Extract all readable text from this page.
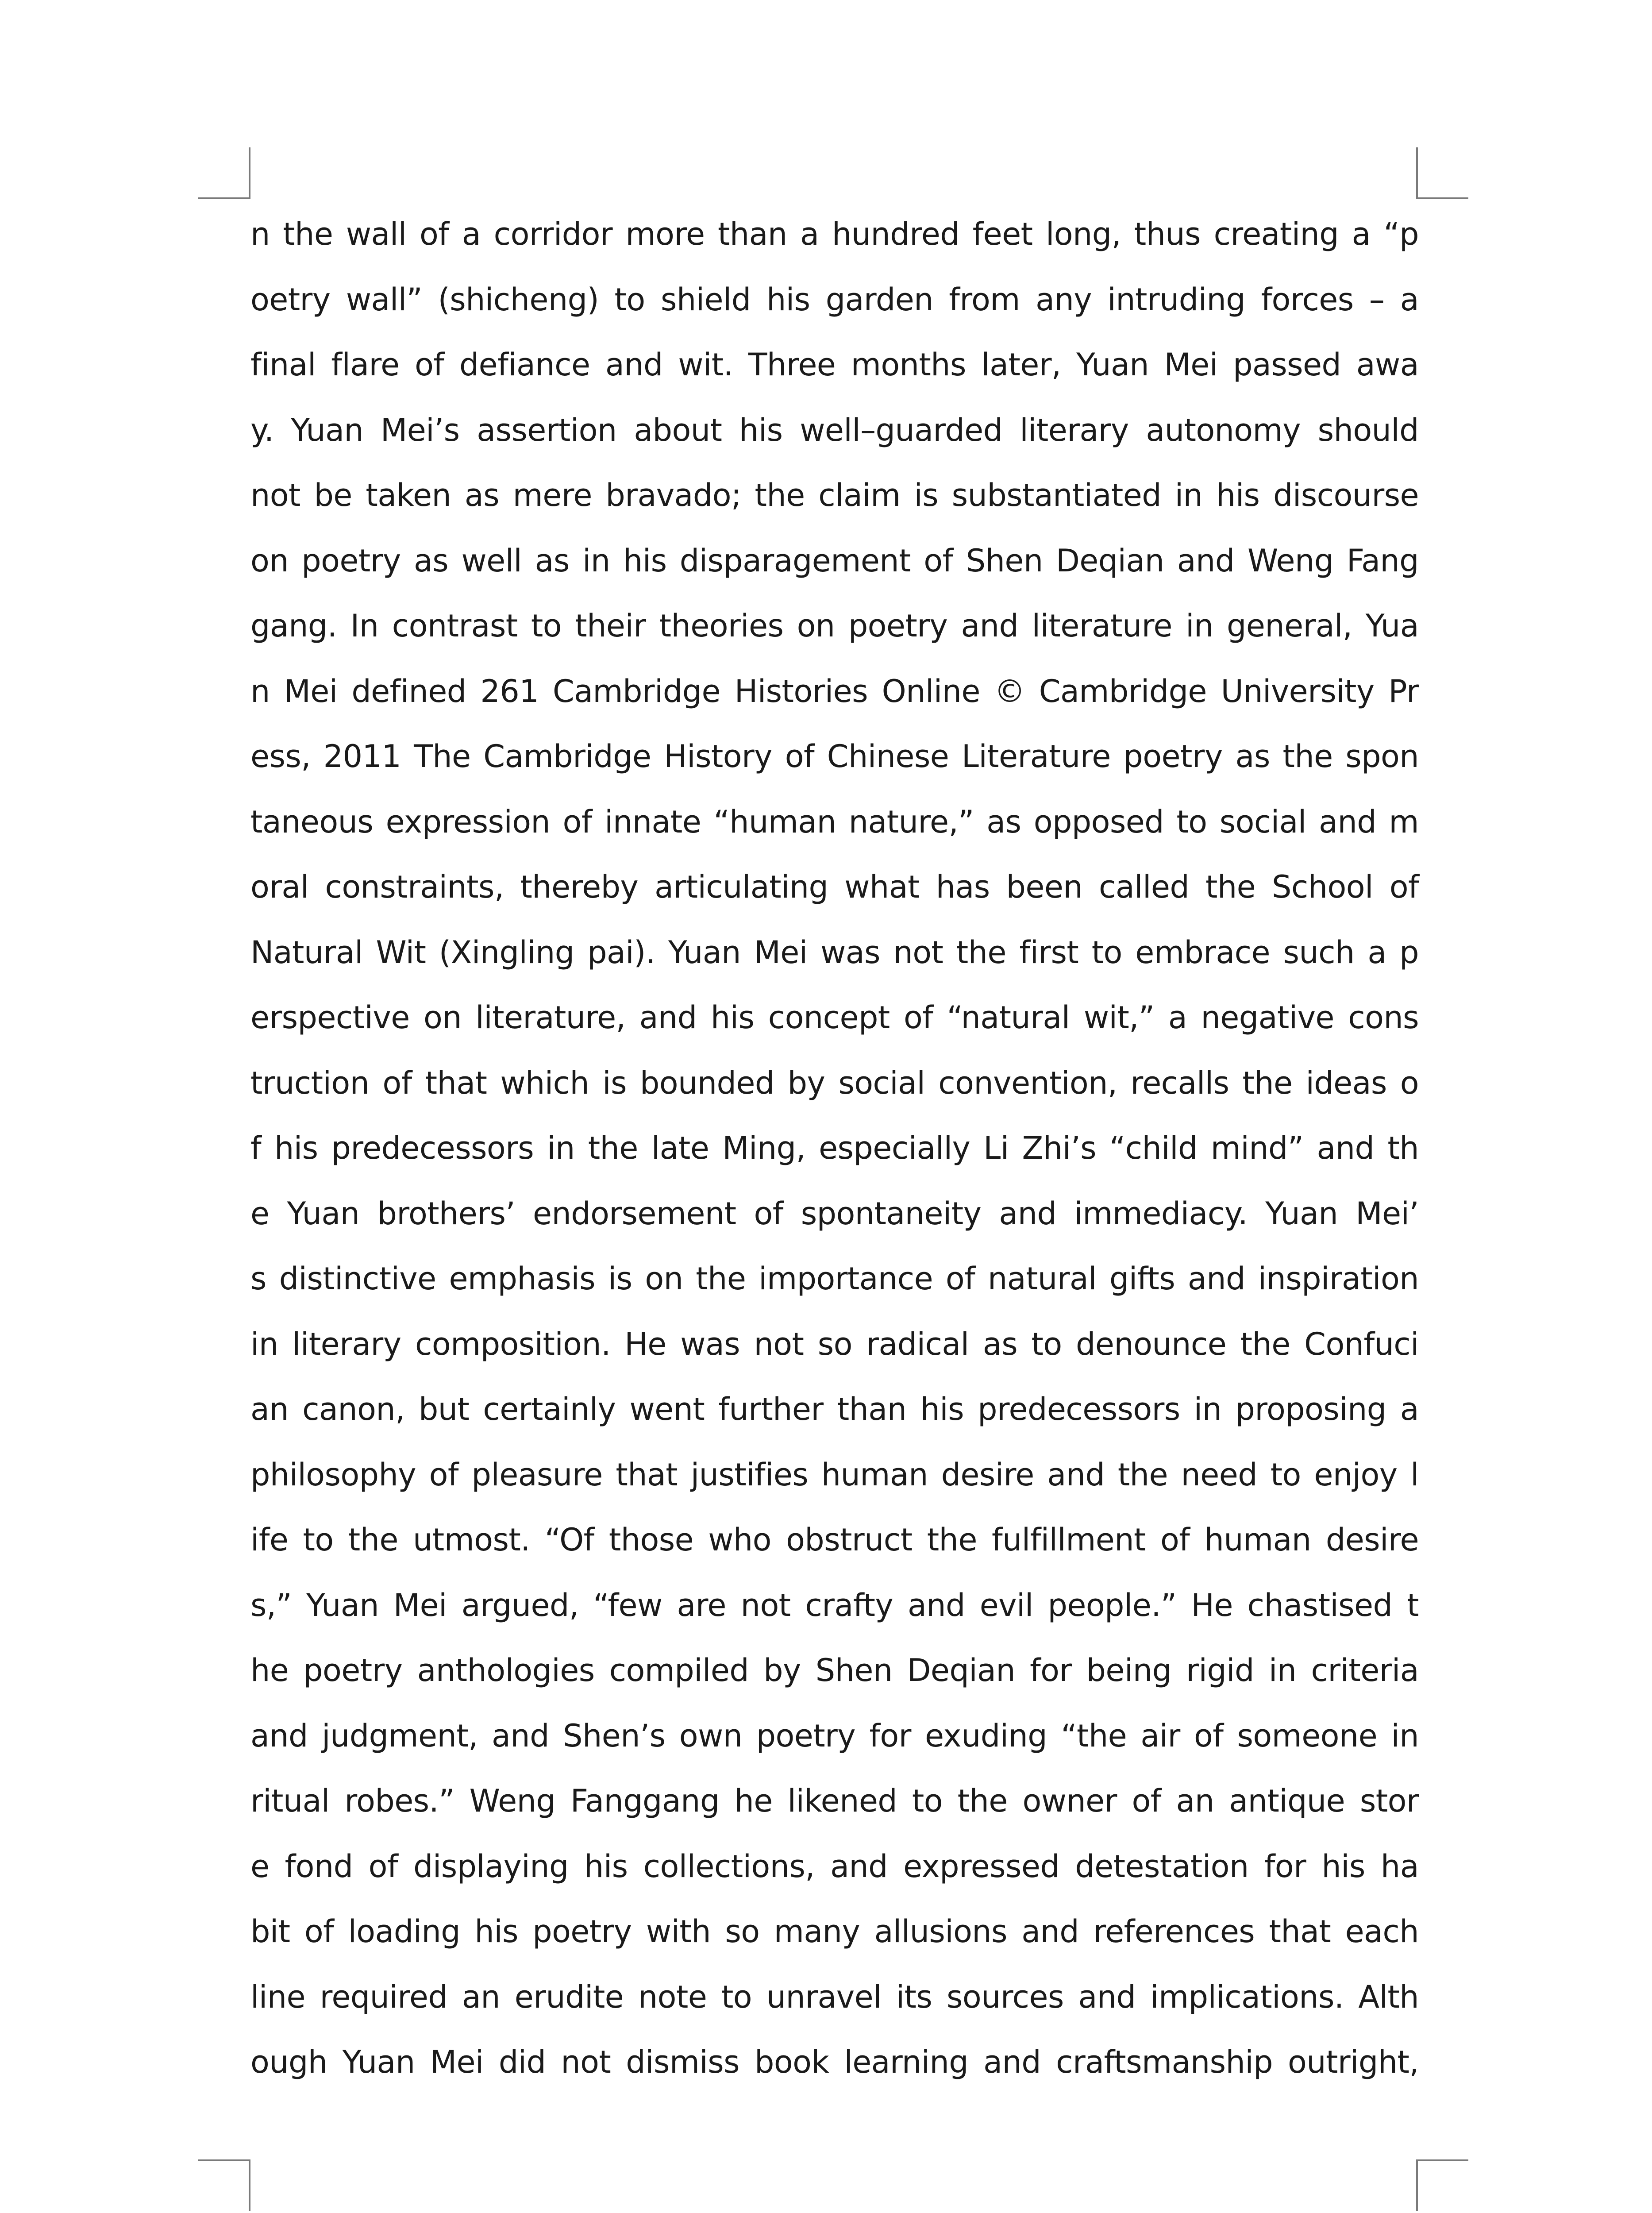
n the wall of a corridor more than a hundred feet long, thus creating a “p
oetry wall” (shicheng) to shield his garden from any intruding forces – a
final flare of defiance and wit. Three months later, Yuan Mei passed awa
y. Yuan Mei’s assertion about his well–guarded literary autonomy should
not be taken as mere bravado; the claim is substantiated in his discourse
on poetry as well as in his disparagement of Shen Deqian and Weng Fang
gang. In contrast to their theories on poetry and literature in general, Yua
n Mei defined 261 Cambridge Histories Online © Cambridge University Pr
ess, 2011 The Cambridge History of Chinese Literature poetry as the spon
taneous expression of innate “human nature,” as opposed to social and m
oral constraints, thereby articulating what has been called the School of
Natural Wit (Xingling pai). Yuan Mei was not the first to embrace such a p
erspective on literature, and his concept of “natural wit,” a negative cons
truction of that which is bounded by social convention, recalls the ideas o
f his predecessors in the late Ming, especially Li Zhi’s “child mind” and th
e Yuan brothers’ endorsement of spontaneity and immediacy. Yuan Mei’
s distinctive emphasis is on the importance of natural gifts and inspiration
in literary composition. He was not so radical as to denounce the Confuci
an canon, but certainly went further than his predecessors in proposing a
philosophy of pleasure that justifies human desire and the need to enjoy l
ife to the utmost. “Of those who obstruct the fulfillment of human desire
s,” Yuan Mei argued, “few are not crafty and evil people.” He chastised t
he poetry anthologies compiled by Shen Deqian for being rigid in criteria
and judgment, and Shen’s own poetry for exuding “the air of someone in
ritual robes.” Weng Fanggang he likened to the owner of an antique stor
e fond of displaying his collections, and expressed detestation for his ha
bit of loading his poetry with so many allusions and references that each
line required an erudite note to unravel its sources and implications. Alth
ough Yuan Mei did not dismiss book learning and craftsmanship outright,
